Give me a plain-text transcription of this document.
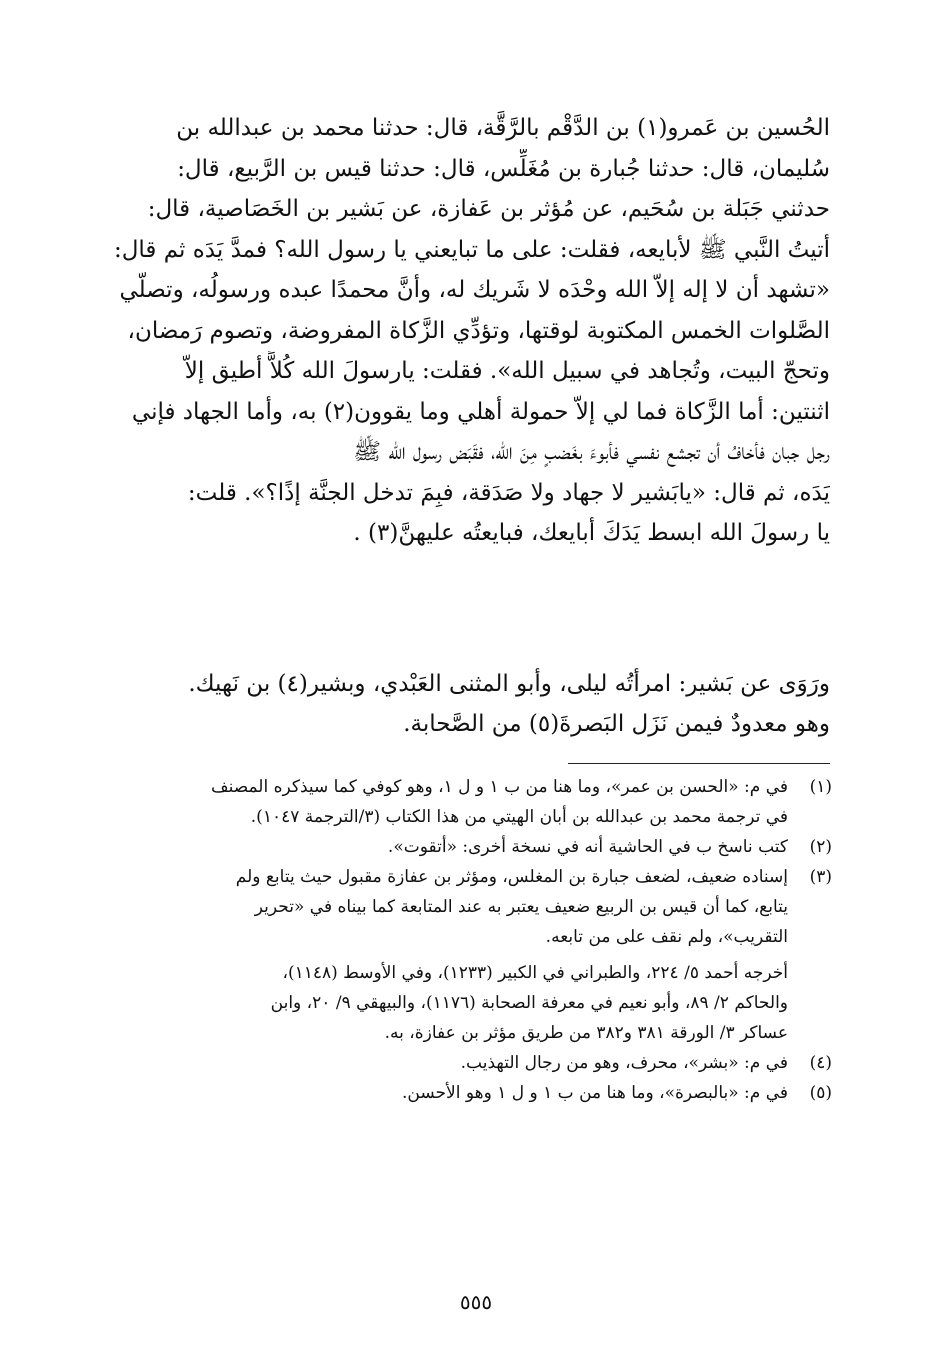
الحُسين بن عَمرو(١) بن الدَّقْم بالرَّقَّة، قال: حدثنا محمد بن عبدالله بن
سُليمان، قال: حدثنا جُبارة بن مُغَلِّس، قال: حدثنا قيس بن الرَّبيع، قال:
حدثني جَبَلة بن سُحَيم، عن مُؤثر بن عَفازة، عن بَشير بن الخَصَاصية، قال:
أتيتُ النَّبي ﷺ لأبايعه، فقلت: على ما تبايعني يا رسول الله؟ فمدَّ يَدَه ثم قال:
«تشهد أن لا إله إلاّ الله وحْدَه لا شَريك له، وأنَّ محمدًا عبده ورسولُه، وتصلّي
الصَّلوات الخمس المكتوبة لوقتها، وتؤدِّي الزَّكاة المفروضة، وتصوم رَمضان،
وتحجّ البيت، وتُجاهد في سبيل الله». فقلت: يارسولَ الله كُلاًّ أطيق إلاّ
اثنتين: أما الزَّكاة فما لي إلاّ حمولة أهلي وما يقوون(٢) به، وأما الجهاد فإني
رجل جبان فأخافُ أن تجشع نفسي فأبوءَ بغَضبٍ مِنَ الله، فقَبَض رسول الله ﷺ
يَدَه، ثم قال: «يابَشير لا جهاد ولا صَدَقة، فبِمَ تدخل الجنَّة إذًا؟». قلت:
يا رسولَ الله ابسط يَدَكَ أبايعك، فبايعتُه عليهنَّ(٣) .
ورَوَى عن بَشير: امرأتُه ليلى، وأبو المثنى العَبْدي، وبشير(٤) بن نَهيك.
وهو معدودٌ فيمن نَزَل البَصرةَ(٥) من الصَّحابة.
(١)
في م: «الحسن بن عمر»، وما هنا من ب ١ و ل ١، وهو كوفي كما سيذكره المصنف
في ترجمة محمد بن عبدالله بن أبان الهيتي من هذا الكتاب (٣/الترجمة ١٠٤٧).
(٢)
كتب ناسخ ب في الحاشية أنه في نسخة أخرى: «أتقوت».
(٣)
إسناده ضعيف، لضعف جبارة بن المغلس، ومؤثر بن عفازة مقبول حيث يتابع ولم
يتابع، كما أن قيس بن الربيع ضعيف يعتبر به عند المتابعة كما بيناه في «تحرير
التقريب»، ولم نقف على من تابعه.
أخرجه أحمد ٥/ ٢٢٤، والطبراني في الكبير (١٢٣٣)، وفي الأوسط (١١٤٨)،
والحاكم ٢/ ٨٩، وأبو نعيم في معرفة الصحابة (١١٧٦)، والبيهقي ٩/ ٢٠، وابن
عساكر ٣/ الورقة ٣٨١ و٣٨٢ من طريق مؤثر بن عفازة، به.
(٤)
في م: «بشر»، محرف، وهو من رجال التهذيب.
(٥)
في م: «بالبصرة»، وما هنا من ب ١ و ل ١ وهو الأحسن.
٥٥٥
